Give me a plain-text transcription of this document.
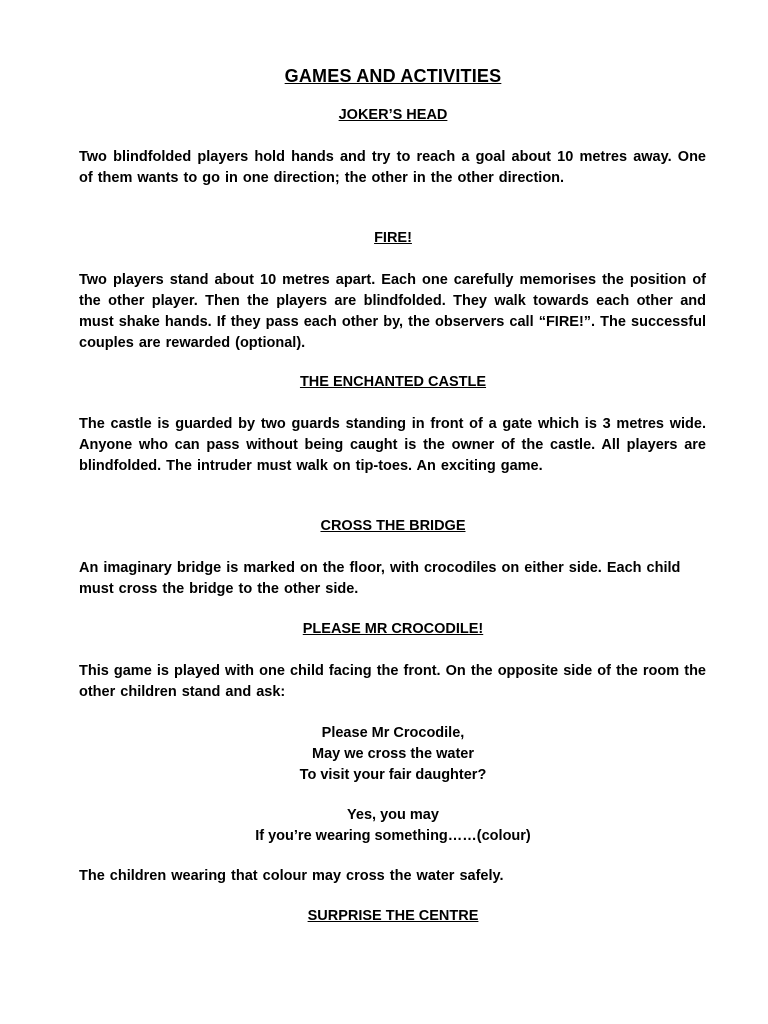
GAMES AND ACTIVITIES
JOKER’S HEAD
Two blindfolded players hold hands and try to reach a goal about 10 metres away. One of them wants to go in one direction; the other in the other direction.
FIRE!
Two players stand about 10 metres apart. Each one carefully memorises the position of the other player. Then the players are blindfolded. They walk towards each other and must shake hands. If they pass each other by, the observers call “FIRE!”. The successful couples are rewarded (optional).
THE ENCHANTED CASTLE
The castle is guarded by two guards standing in front of a gate which is 3 metres wide. Anyone who can pass without being caught is the owner of the castle. All players are blindfolded. The intruder must walk on tip-toes. An exciting game.
CROSS THE BRIDGE
An imaginary bridge is marked on the floor, with crocodiles on either side. Each child must cross the bridge to the other side.
PLEASE MR CROCODILE!
This game is played with one child facing the front. On the opposite side of the room the other children stand and ask:
Please Mr Crocodile,
May we cross the water
To visit your fair daughter?
Yes, you may
If you’re wearing something……(colour)
The children wearing that colour may cross the water safely.
SURPRISE THE CENTRE
